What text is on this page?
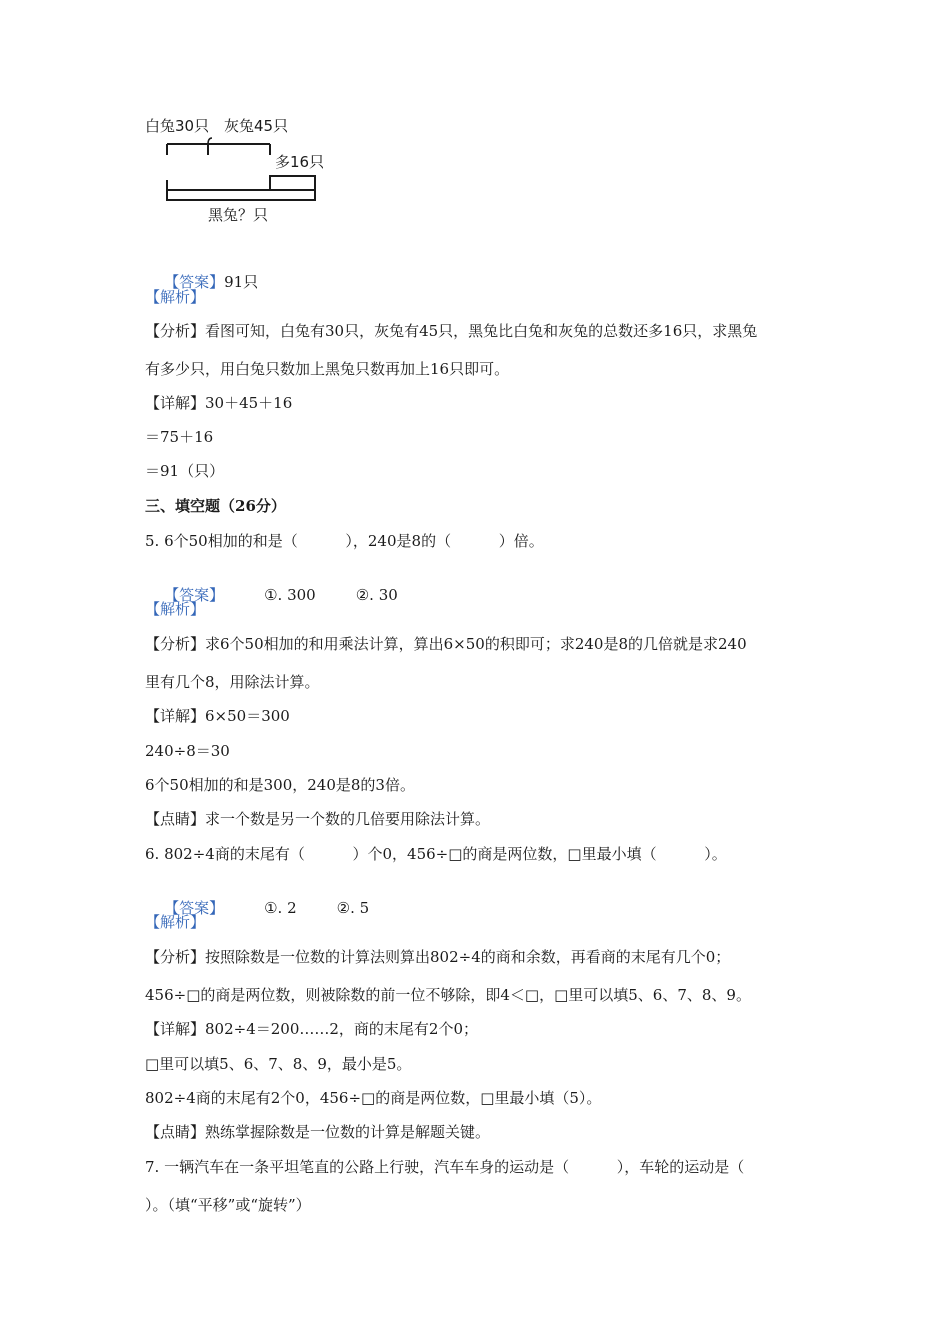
白兔30只 灰兔45只
多16只
黑兔？只

【答案】91只

【解析】
【分析】看图可知，白兔有30只，灰兔有45只，黑兔比白兔和灰兔的总数还多16只，求黑兔
有多少只，用白兔只数加上黑兔只数再加上16只即可。
【详解】30＋45＋16
＝75＋16
＝91（只）
三、填空题（26分）
5. 6个50相加的和是（          ），240是8的（          ）倍。

【答案】	①. 300	②. 30

【解析】
【分析】求6个50相加的和用乘法计算，算出6×50的积即可；求240是8的几倍就是求240
里有几个8，用除法计算。
【详解】6×50＝300
240÷8＝30
6个50相加的和是300，240是8的3倍。
【点睛】求一个数是另一个数的几倍要用除法计算。
6. 802÷4商的末尾有（          ）个0，456÷□的商是两位数，□里最小填（          ）。

【答案】	①. 2	②. 5

【解析】
【分析】按照除数是一位数的计算法则算出802÷4的商和余数，再看商的末尾有几个0；
456÷□的商是两位数，则被除数的前一位不够除，即4＜□，□里可以填5、6、7、8、9。
【详解】802÷4＝200……2，商的末尾有2个0；
□里可以填5、6、7、8、9，最小是5。
802÷4商的末尾有2个0，456÷□的商是两位数，□里最小填（5）。
【点睛】熟练掌握除数是一位数的计算是解题关键。
7. 一辆汽车在一条平坦笔直的公路上行驶，汽车车身的运动是（          ），车轮的运动是（
）。（填“平移”或“旋转”）
